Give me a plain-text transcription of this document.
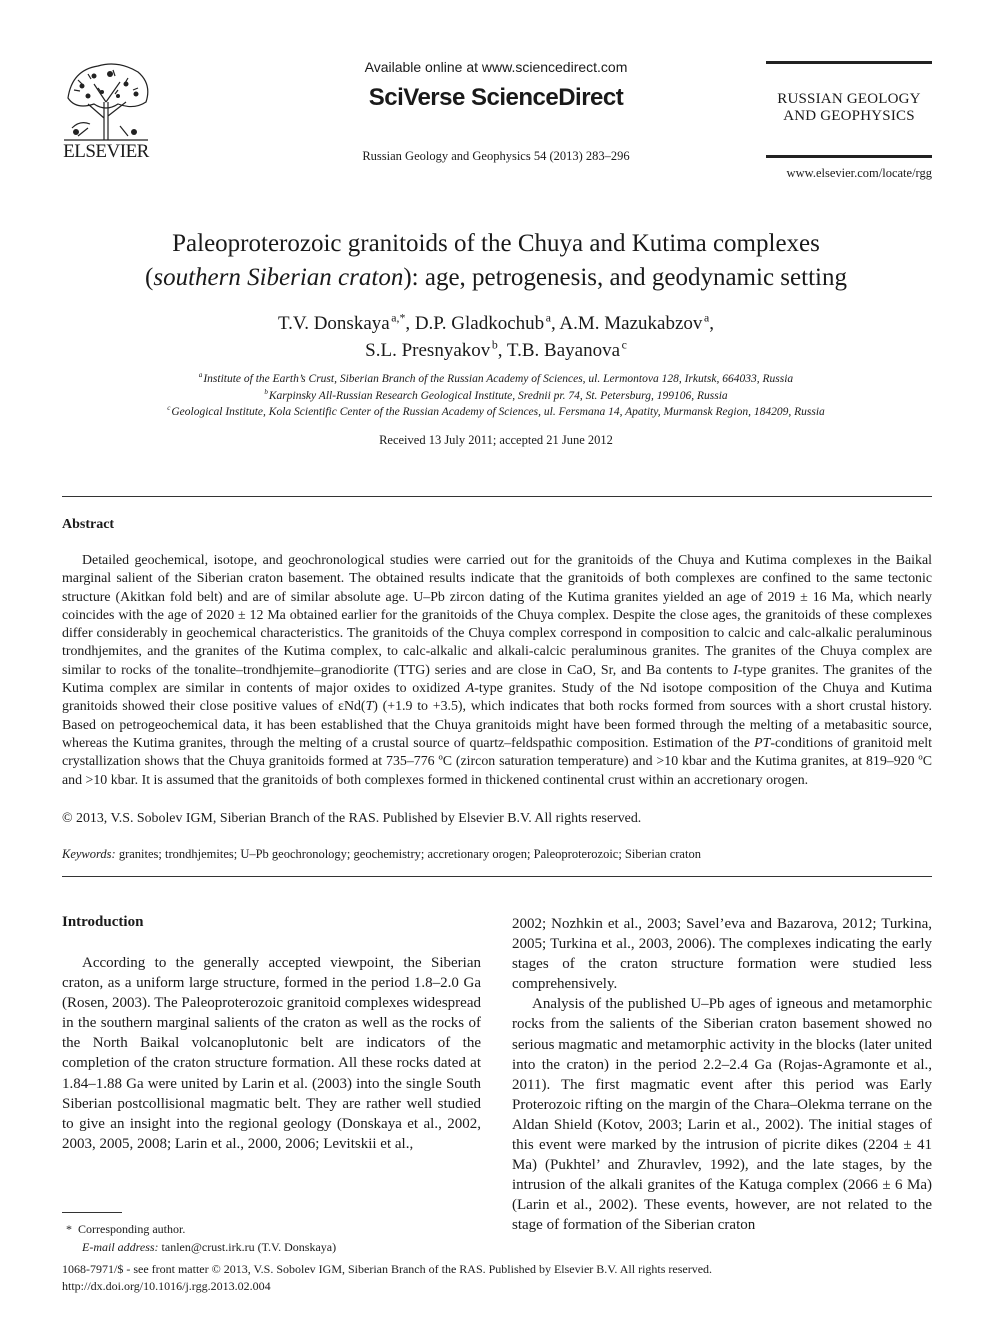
ELSEVIER
Available online at www.sciencedirect.com
SciVerse ScienceDirect
Russian Geology and Geophysics 54 (2013) 283–296
RUSSIAN GEOLOGY
AND GEOPHYSICS
www.elsevier.com/locate/rgg
Paleoproterozoic granitoids of the Chuya and Kutima complexes
(southern Siberian craton): age, petrogenesis, and geodynamic setting
T.V. Donskaya  $^{a,*}$, D.P. Gladkochub  $^a$, A.M. Mazukabzov  $^a$,
S.L. Presnyakov  $^b$, T.B. Bayanova  $^c$
$^a$ Institute of the Earth’s Crust, Siberian Branch of the Russian Academy of Sciences, ul. Lermontova 128, Irkutsk, 664033, Russia
$^b$ Karpinsky All-Russian Research Geological Institute, Srednii pr. 74, St. Petersburg, 199106, Russia
$^c$ Geological Institute, Kola Scientific Center of the Russian Academy of Sciences, ul. Fersmana 14, Apatity, Murmansk Region, 184209, Russia
Received 13 July 2011; accepted 21 June 2012
Abstract
Detailed geochemical, isotope, and geochronological studies were carried out for the granitoids of the Chuya and Kutima complexes in the Baikal marginal salient of the Siberian craton basement. The obtained results indicate that the granitoids of both complexes are confined to the same tectonic structure (Akitkan fold belt) and are of similar absolute age. U–Pb zircon dating of the Kutima granites yielded an age of 2019 ± 16 Ma, which nearly coincides with the age of 2020 ± 12 Ma obtained earlier for the granitoids of the Chuya complex. Despite the close ages, the granitoids of these complexes differ considerably in geochemical characteristics. The granitoids of the Chuya complex correspond in composition to calcic and calc-alkalic peraluminous trondhjemites, and the granites of the Kutima complex, to calc-alkalic and alkali-calcic peraluminous granites. The granites of the Chuya complex are similar to rocks of the tonalite–trondhjemite–granodiorite (TTG) series and are close in CaO, Sr, and Ba contents to I-type granites. The granites of the Kutima complex are similar in contents of major oxides to oxidized A-type granites. Study of the Nd isotope composition of the Chuya and Kutima granitoids showed their close positive values of εNd(T) (+1.9 to +3.5), which indicates that both rocks formed from sources with a short crustal history. Based on petrogeochemical data, it has been established that the Chuya granitoids might have been formed through the melting of a metabasitic source, whereas the Kutima granites, through the melting of a crustal source of quartz–feldspathic composition. Estimation of the PT-conditions of granitoid melt crystallization shows that the Chuya granitoids formed at 735–776 ºC (zircon saturation temperature) and >10 kbar and the Kutima granites, at 819–920 ºC and >10 kbar. It is assumed that the granitoids of both complexes formed in thickened continental crust within an accretionary orogen.
© 2013, V.S. Sobolev IGM, Siberian Branch of the RAS. Published by Elsevier B.V. All rights reserved.
Keywords: granites; trondhjemites; U–Pb geochronology; geochemistry; accretionary orogen; Paleoproterozoic; Siberian craton
Introduction
According to the generally accepted viewpoint, the Siberian craton, as a uniform large structure, formed in the period 1.8–2.0 Ga (Rosen, 2003). The Paleoproterozoic granitoid complexes widespread in the southern marginal salients of the craton as well as the rocks of the North Baikal volcanoplutonic belt are indicators of the completion of the craton structure formation. All these rocks dated at 1.84–1.88 Ga were united by Larin et al. (2003) into the single South Siberian postcollisional magmatic belt. They are rather well studied to give an insight into the regional geology (Donskaya et al., 2002, 2003, 2005, 2008; Larin et al., 2000, 2006; Levitskii et al.,

2002; Nozhkin et al., 2003; Savel’eva and Bazarova, 2012; Turkina, 2005; Turkina et al., 2003, 2006). The complexes indicating the early stages of the craton structure formation were studied less comprehensively.

Analysis of the published U–Pb ages of igneous and metamorphic rocks from the salients of the Siberian craton basement showed no serious magmatic and metamorphic activity in the blocks (later united into the craton) in the period 2.2–2.4 Ga (Rojas-Agramonte et al., 2011). The first magmatic event after this period was Early Proterozoic rifting on the margin of the Chara–Olekma terrane on the Aldan Shield (Kotov, 2003; Larin et al., 2002). The initial stages of this event were marked by the intrusion of picrite dikes (2204 ± 41 Ma) (Pukhtel’ and Zhuravlev, 1992), and the late stages, by the intrusion of the alkali granites of the Katuga complex (2066 ± 6 Ma) (Larin et al., 2002). These events, however, are not related to the stage of formation of the Siberian craton

* Corresponding author.
E-mail address: tanlen@crust.irk.ru (T.V. Donskaya)
1068-7971/$ - see front matter © 2013, V.S. Sobolev IGM, Siberian Branch of the RAS. Published by Elsevier B.V. All rights reserved.
http://dx.doi.org/10.1016/j.rgg.2013.02.004
